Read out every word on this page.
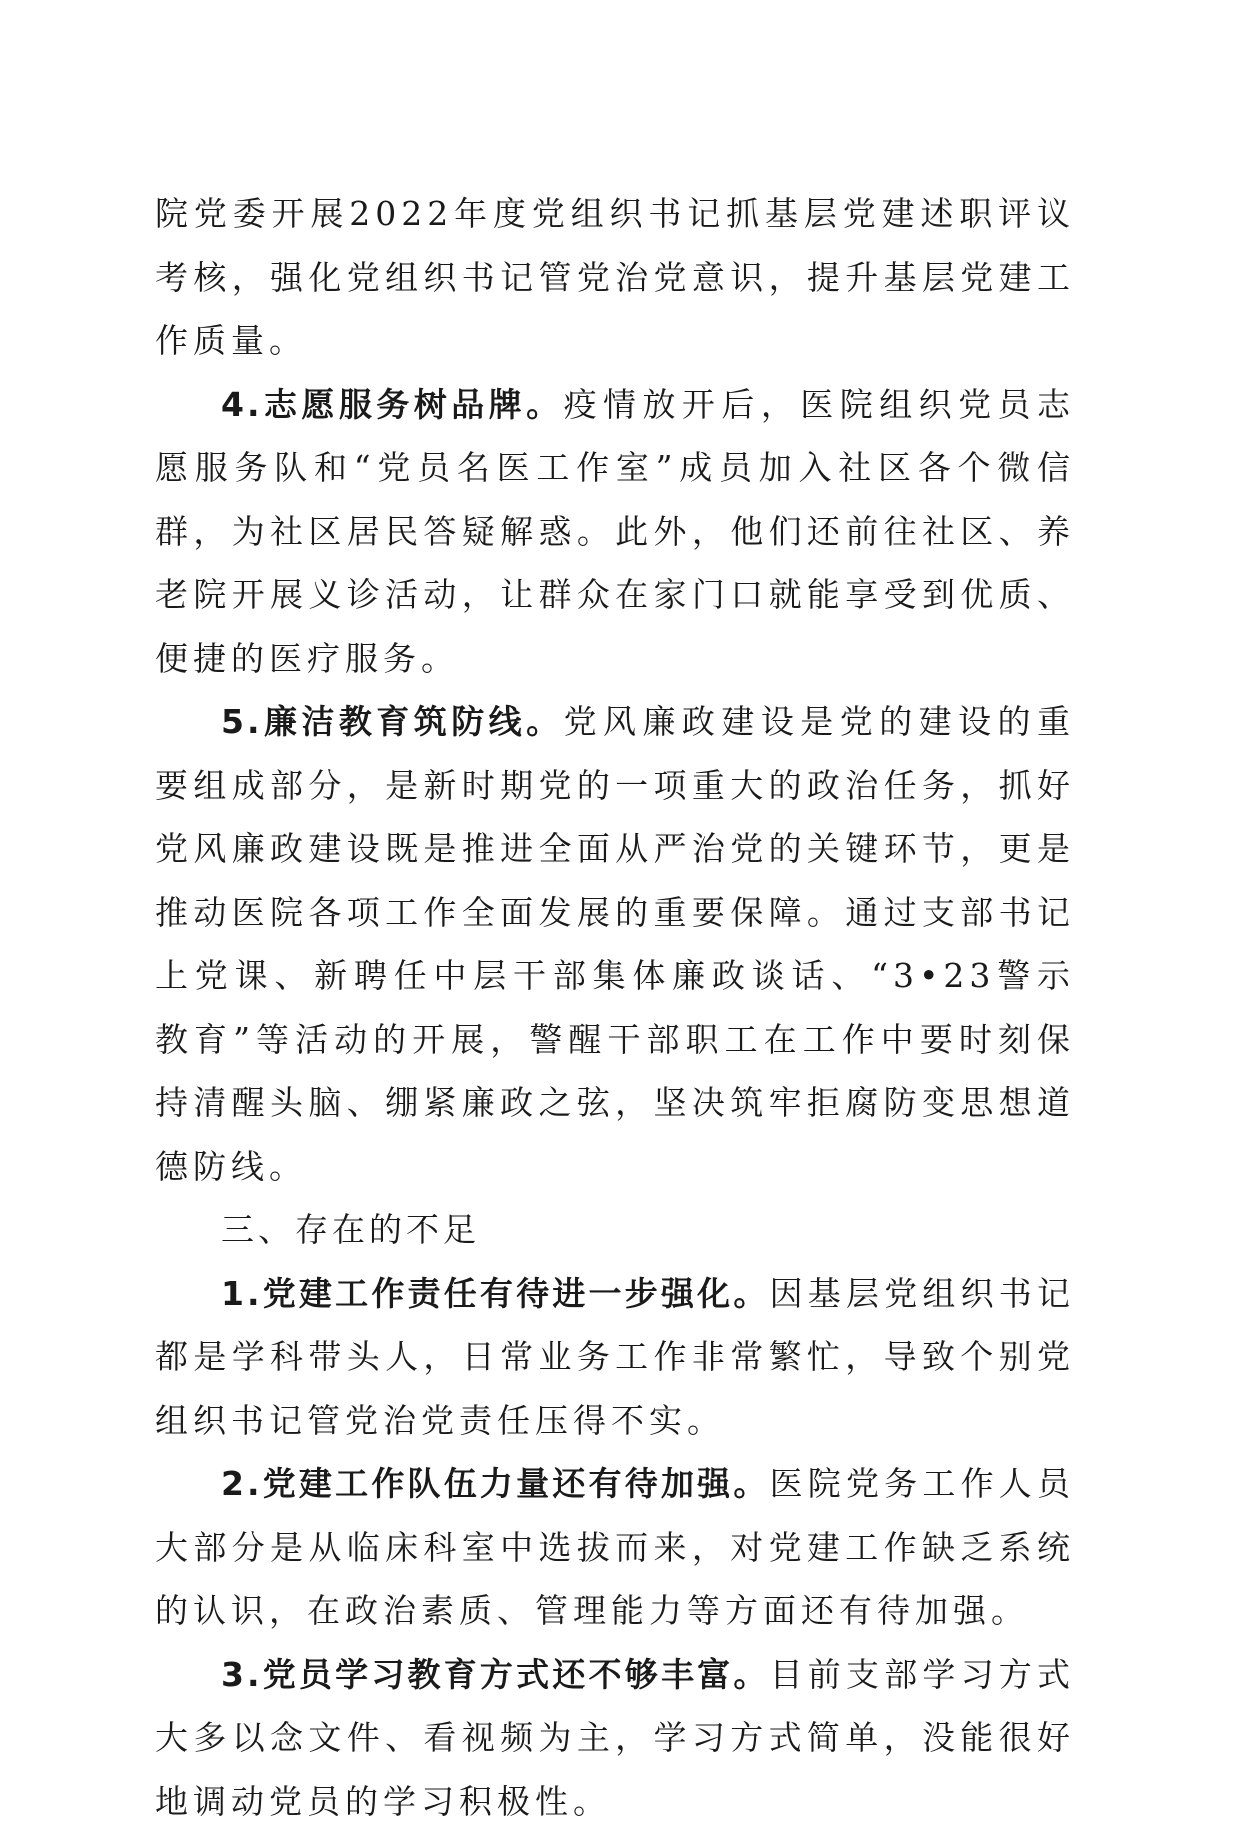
院党委开展2022年度党组织书记抓基层党建述职评议考核，强化党组织书记管党治党意识，提升基层党建工作质量。

4.志愿服务树品牌。疫情放开后，医院组织党员志愿服务队和“党员名医工作室”成员加入社区各个微信群，为社区居民答疑解惑。此外，他们还前往社区、养老院开展义诊活动，让群众在家门口就能享受到优质、便捷的医疗服务。

5.廉洁教育筑防线。党风廉政建设是党的建设的重要组成部分，是新时期党的一项重大的政治任务，抓好党风廉政建设既是推进全面从严治党的关键环节，更是推动医院各项工作全面发展的重要保障。通过支部书记上党课、新聘任中层干部集体廉政谈话、“3•23警示教育”等活动的开展，警醒干部职工在工作中要时刻保持清醒头脑、绷紧廉政之弦，坚决筑牢拒腐防变思想道德防线。

三、存在的不足

1.党建工作责任有待进一步强化。因基层党组织书记都是学科带头人，日常业务工作非常繁忙，导致个别党组织书记管党治党责任压得不实。

2.党建工作队伍力量还有待加强。医院党务工作人员大部分是从临床科室中选拔而来，对党建工作缺乏系统的认识，在政治素质、管理能力等方面还有待加强。

3.党员学习教育方式还不够丰富。目前支部学习方式大多以念文件、看视频为主，学习方式简单，没能很好地调动党员的学习积极性。
